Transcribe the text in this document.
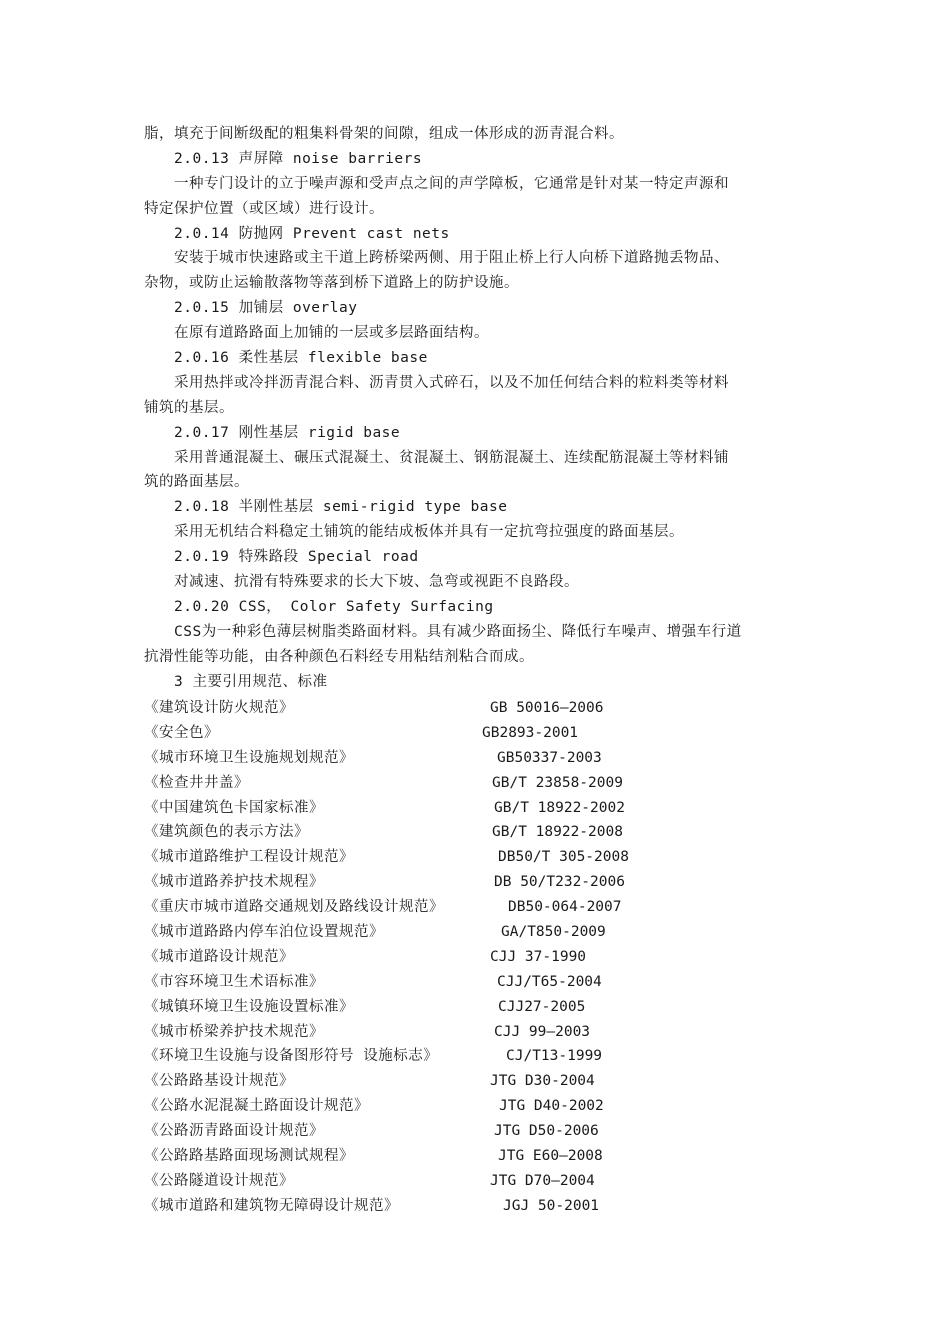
脂，填充于间断级配的粗集料骨架的间隙，组成一体形成的沥青混合料。
2.0.13 声屏障 noise barriers
一种专门设计的立于噪声源和受声点之间的声学障板，它通常是针对某一特定声源和
特定保护位置（或区域）进行设计。
2.0.14 防抛网 Prevent cast nets
安装于城市快速路或主干道上跨桥梁两侧、用于阻止桥上行人向桥下道路抛丢物品、
杂物，或防止运输散落物等落到桥下道路上的防护设施。
2.0.15 加铺层 overlay
在原有道路路面上加铺的一层或多层路面结构。
2.0.16 柔性基层 flexible base
采用热拌或冷拌沥青混合料、沥青贯入式碎石，以及不加任何结合料的粒料类等材料
铺筑的基层。
2.0.17 刚性基层 rigid base
采用普通混凝土、碾压式混凝土、贫混凝土、钢筋混凝土、连续配筋混凝土等材料铺
筑的路面基层。
2.0.18 半刚性基层 semi-rigid type base
采用无机结合料稳定土铺筑的能结成板体并具有一定抗弯拉强度的路面基层。
2.0.19 特殊路段 Special road
对减速、抗滑有特殊要求的长大下坡、急弯或视距不良路段。
2.0.20 CSS， Color Safety Surfacing
CSS为一种彩色薄层树脂类路面材料。具有减少路面扬尘、降低行车噪声、增强车行道
抗滑性能等功能，由各种颜色石料经专用粘结剂粘合而成。
3 主要引用规范、标准
《建筑设计防火规范》	GB 50016—2006
《安全色》	GB2893-2001
《城市环境卫生设施规划规范》	GB50337-2003
《检查井井盖》	GB/T 23858-2009
《中国建筑色卡国家标准》	GB/T 18922-2002
《建筑颜色的表示方法》	GB/T 18922-2008
《城市道路维护工程设计规范》	DB50/T 305-2008
《城市道路养护技术规程》	DB 50/T232-2006
《重庆市城市道路交通规划及路线设计规范》	DB50-064-2007
《城市道路路内停车泊位设置规范》	GA/T850-2009
《城市道路设计规范》	CJJ 37-1990
《市容环境卫生术语标准》	CJJ/T65-2004
《城镇环境卫生设施设置标准》	CJJ27-2005
《城市桥梁养护技术规范》	CJJ 99—2003
《环境卫生设施与设备图形符号 设施标志》	CJ/T13-1999
《公路路基设计规范》	JTG D30-2004
《公路水泥混凝土路面设计规范》	JTG D40-2002
《公路沥青路面设计规范》	JTG D50-2006
《公路路基路面现场测试规程》	JTG E60—2008
《公路隧道设计规范》	JTG D70—2004
《城市道路和建筑物无障碍设计规范》	JGJ 50-2001
